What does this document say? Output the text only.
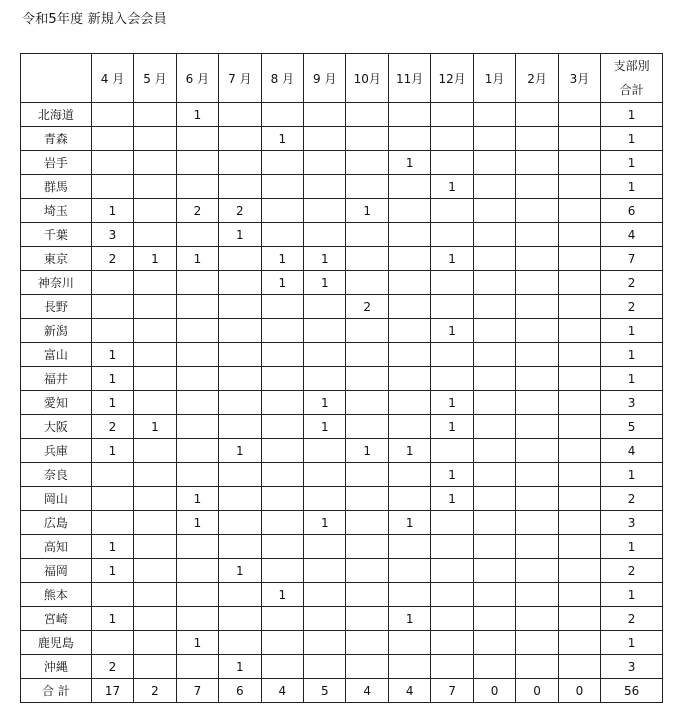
令和5年度 新規入会会員
	4 月	5 月	6 月	7 月	8 月	9 月	10月	11月	12月	1月	2月	3月	支部別
合計
北海道			1										1
青森					1								1
岩手								1					1
群馬									1				1
埼玉	1		2	2			1						6
千葉	3			1									4
東京	2	1	1		1	1			1				7
神奈川					1	1							2
長野							2						2
新潟									1				1
富山	1												1
福井	1												1
愛知	1					1			1				3
大阪	2	1				1			1				5
兵庫	1			1			1	1					4
奈良									1				1
岡山			1						1				2
広島			1			1		1					3
高知	1												1
福岡	1			1									2
熊本					1								1
宮崎	1							1					2
鹿児島			1										1
沖縄	2			1									3
合 計	17	2	7	6	4	5	4	4	7	0	0	0	56
